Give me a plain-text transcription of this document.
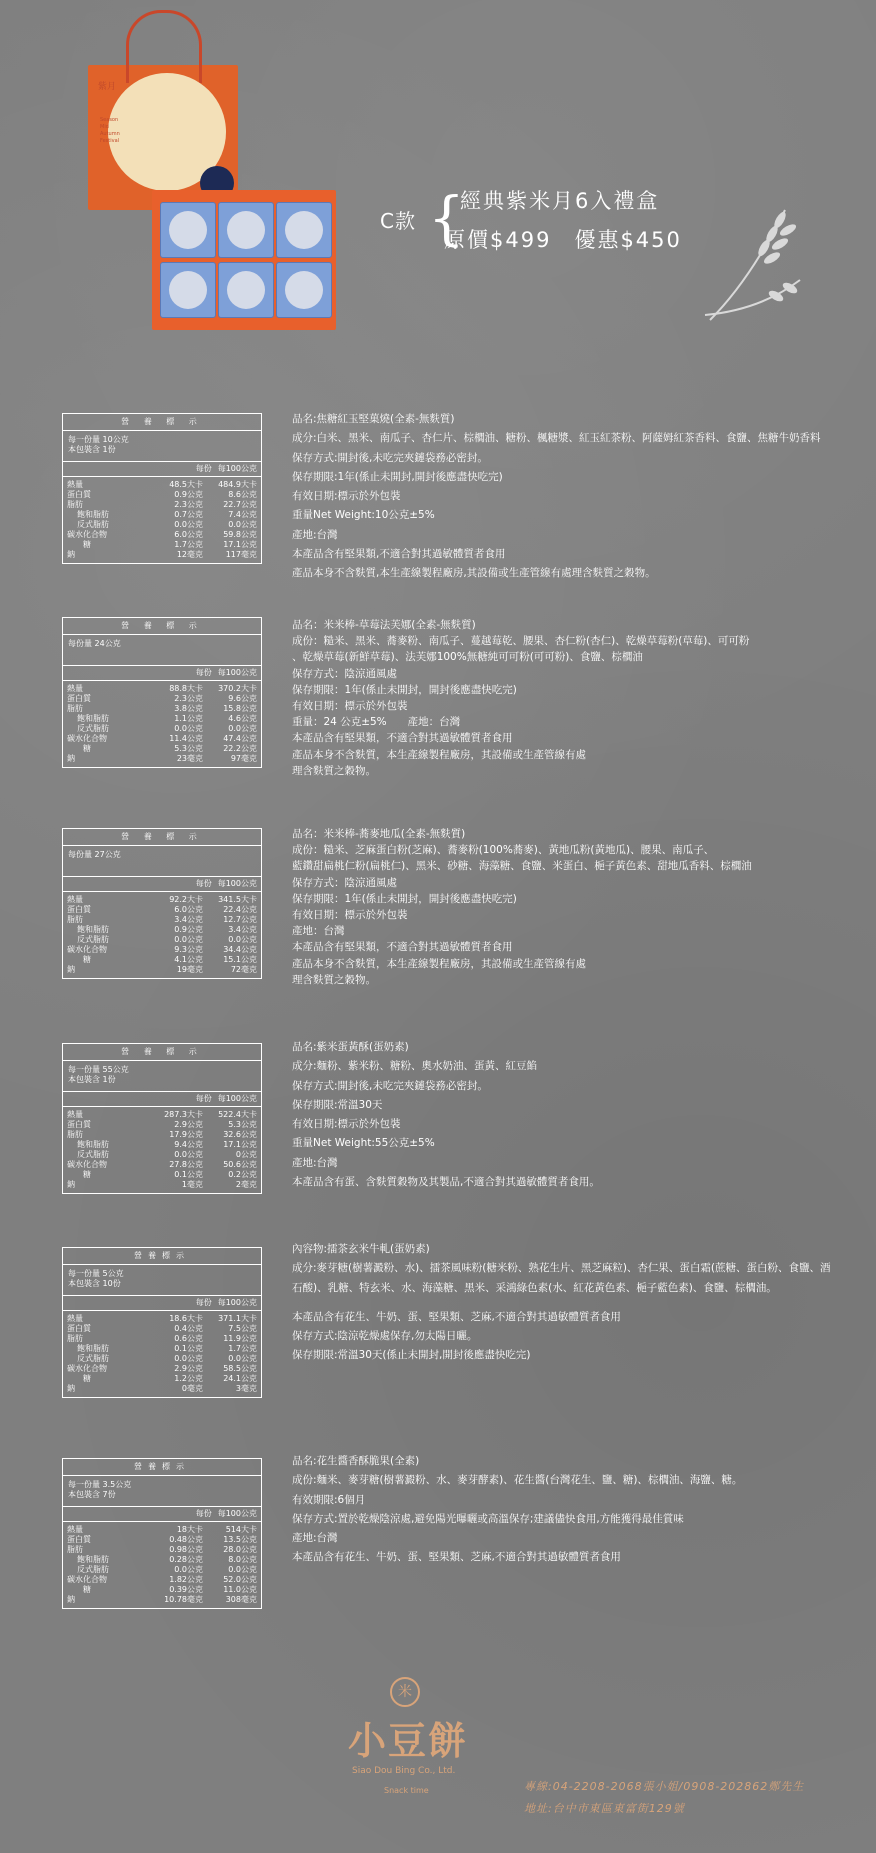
紫月
Season
Mid
Autumn
Festival
C款 {
經典紫米月6入禮盒
原價$499　優惠$450
營 養 標 示
每一份量 10公克
本包裝含 1份
每份 每100公克
熱量	48.5大卡	484.9大卡
蛋白質	0.9公克	8.6公克
脂肪	2.3公克	22.7公克
飽和脂肪	0.7公克	7.4公克
反式脂肪	0.0公克	0.0公克
碳水化合物	6.0公克	59.8公克
糖	1.7公克	17.1公克
鈉	12毫克	117毫克
品名:焦糖紅玉堅菓燒(全素-無麩質)
成分:白米、黑米、南瓜子、杏仁片、棕櫚油、糖粉、楓糖漿、紅玉紅茶粉、阿薩姆紅茶香料、食鹽、焦糖牛奶香料
保存方式:開封後,未吃完夾鏈袋務必密封。
保存期限:1年(係止未開封,開封後應盡快吃完)
有效日期:標示於外包裝
重量Net Weight:10公克±5%
產地:台灣
本產品含有堅果類,不適合對其過敏體質者食用
產品本身不含麩質,本生產線製程廠房,其設備或生產管線有處理含麩質之穀物。
營 養 標 示
每份量 24公克
每份 每100公克
熱量	88.8大卡	370.2大卡
蛋白質	2.3公克	9.6公克
脂肪	3.8公克	15.8公克
飽和脂肪	1.1公克	4.6公克
反式脂肪	0.0公克	0.0公克
碳水化合物	11.4公克	47.4公克
糖	5.3公克	22.2公克
鈉	23毫克	97毫克
品名：米米棒-草莓法芙娜(全素-無麩質)
成份：糙米、黑米、蕎麥粉、南瓜子、蔓越莓乾、腰果、杏仁粉(杏仁)、乾燥草莓粉(草莓)、可可粉
、乾燥草莓(新鮮草莓)、法芙娜100%無糖純可可粉(可可粉)、食鹽、棕櫚油
保存方式：陰涼通風處
保存期限：1年(係止未開封，開封後應盡快吃完)
有效日期：標示於外包裝
重量：24 公克±5%　　產地：台灣
本產品含有堅果類，不適合對其過敏體質者食用
產品本身不含麩質，本生產線製程廠房，其設備或生產管線有處
理含麩質之穀物。
營 養 標 示
每份量 27公克
每份 每100公克
熱量	92.2大卡	341.5大卡
蛋白質	6.0公克	22.4公克
脂肪	3.4公克	12.7公克
飽和脂肪	0.9公克	3.4公克
反式脂肪	0.0公克	0.0公克
碳水化合物	9.3公克	34.4公克
糖	4.1公克	15.1公克
鈉	19毫克	72毫克
品名：米米棒-蕎麥地瓜(全素-無麩質)
成份：糙米、芝麻蛋白粉(芝麻)、蕎麥粉(100%蕎麥)、黃地瓜粉(黃地瓜)、腰果、南瓜子、
藍鑽甜扁桃仁粉(扁桃仁)、黑米、砂糖、海藻糖、食鹽、米蛋白、梔子黃色素、甜地瓜香料、棕櫚油
保存方式：陰涼通風處
保存期限：1年(係止未開封，開封後應盡快吃完)
有效日期：標示於外包裝
產地：台灣
本產品含有堅果類，不適合對其過敏體質者食用
產品本身不含麩質，本生產線製程廠房，其設備或生產管線有處
理含麩質之穀物。
營 養 標 示
每一份量 55公克
本包裝含 1份
每份 每100公克
熱量	287.3大卡	522.4大卡
蛋白質	2.9公克	5.3公克
脂肪	17.9公克	32.6公克
飽和脂肪	9.4公克	17.1公克
反式脂肪	0.0公克	0公克
碳水化合物	27.8公克	50.6公克
糖	0.1公克	0.2公克
鈉	1毫克	2毫克
品名:紫米蛋黃酥(蛋奶素)
成分:麵粉、紫米粉、糖粉、奧水奶油、蛋黃、紅豆餡
保存方式:開封後,未吃完夾鏈袋務必密封。
保存期限:常溫30天
有效日期:標示於外包裝
重量Net Weight:55公克±5%
產地:台灣
本產品含有蛋、含麩質穀物及其製品,不適合對其過敏體質者食用。
營養標示
每一份量 5公克
本包裝含 10份
每份 每100公克
熱量	18.6大卡	371.1大卡
蛋白質	0.4公克	7.5公克
脂肪	0.6公克	11.9公克
飽和脂肪	0.1公克	1.7公克
反式脂肪	0.0公克	0.0公克
碳水化合物	2.9公克	58.5公克
糖	1.2公克	24.1公克
鈉	0毫克	3毫克
內容物:擂茶玄米牛軋(蛋奶素)
成分:麥芽糖(樹薯澱粉、水)、擂茶風味粉(糖米粉、熟花生片、黑芝麻粒)、杏仁果、蛋白霜(蔗糖、蛋白粉、食鹽、酒
石酸)、乳糖、特玄米、水、海藻糖、黑米、采鴻綠色素(水、紅花黃色素、梔子藍色素)、食鹽、棕櫚油。
本產品含有花生、牛奶、蛋、堅果類、芝麻,不適合對其過敏體質者食用
保存方式:陰涼乾燥處保存,勿太陽日曬。
保存期限:常溫30天(係止未開封,開封後應盡快吃完)
營養標示
每一份量 3.5公克
本包裝含 7份
每份 每100公克
熱量	18大卡	514大卡
蛋白質	0.48公克	13.5公克
脂肪	0.98公克	28.0公克
飽和脂肪	0.28公克	8.0公克
反式脂肪	0.0公克	0.0公克
碳水化合物	1.82公克	52.0公克
糖	0.39公克	11.0公克
鈉	10.78毫克	308毫克
品名:花生醬香酥脆果(全素)
成份:麵米、麥芽糖(樹薯澱粉、水、麥芽酵素)、花生醬(台灣花生、鹽、糖)、棕櫚油、海鹽、糖。
有效期限:6個月
保存方式:置於乾燥陰涼處,避免陽光曝曬或高溫保存;建議儘快食用,方能獲得最佳賞味
產地:台灣
本產品含有花生、牛奶、蛋、堅果類、芝麻,不適合對其過敏體質者食用
米
小豆餅
Siao Dou Bing Co., Ltd.
Snack time	專線:04-2208-2068張小姐/0908-202862鄭先生
地址:台中市東區東富街129號
